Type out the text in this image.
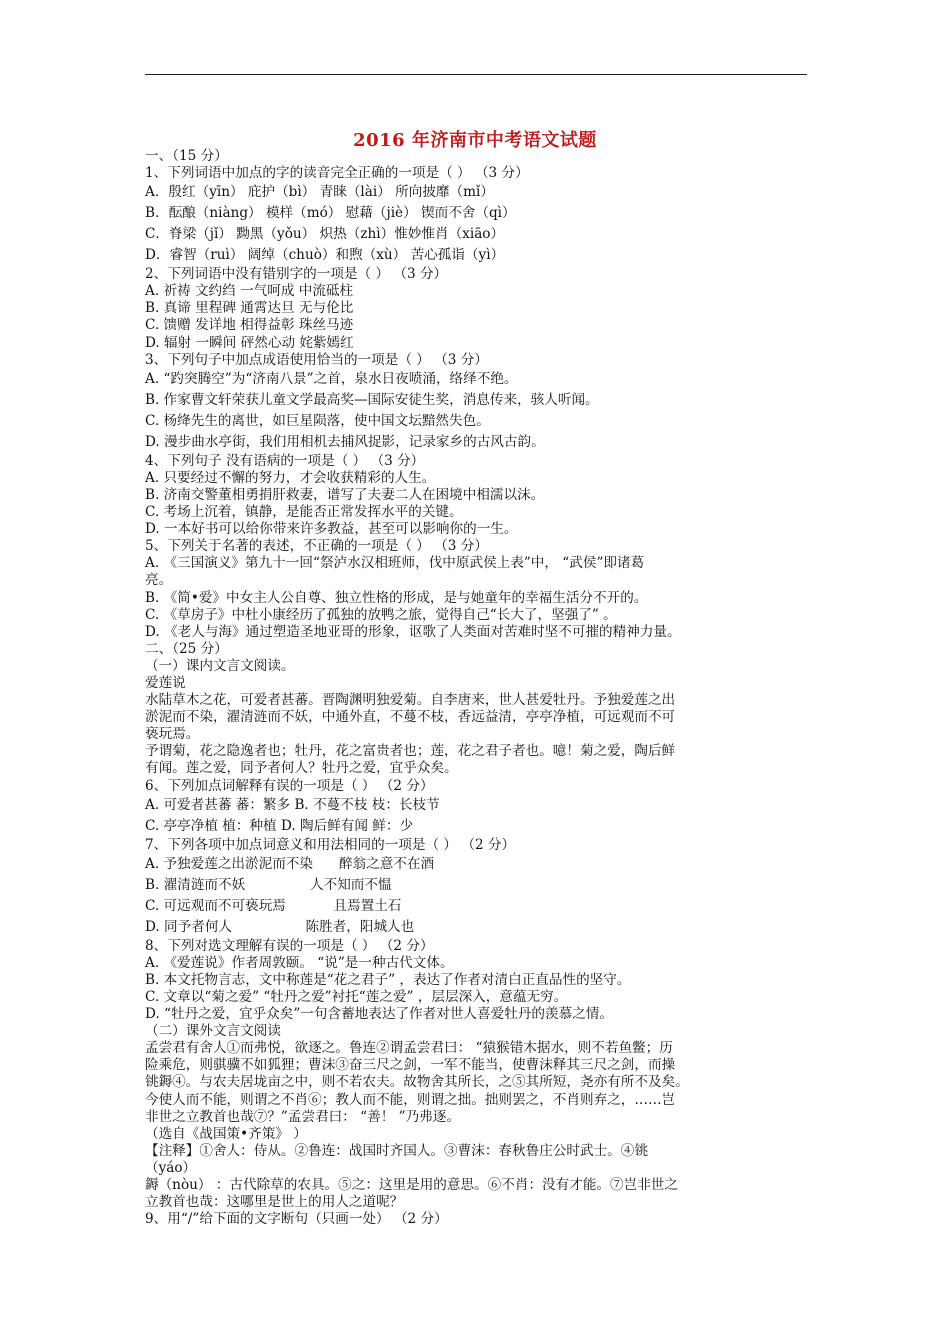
2016 年济南市中考语文试题
一、（15 分）
1、下列词语中加点的字的读音完全正确的一项是（ ） （3 分）
A．殷红（yīn） 庇护（bì） 青睐（lài） 所向披靡（mǐ）
B．酝酿（niàng） 模样（mó） 慰藉（jiè） 锲而不舍（qì）
C．脊梁（jǐ） 黝黑（yǒu） 炽热（zhì）惟妙惟肖（xiāo）
D．睿智（ruì） 阔绰（chuò）和煦（xù） 苦心孤诣（yì）
2、下列词语中没有错别字的一项是（ ） （3 分）
A. 祈祷 文约绉 一气呵成 中流砥柱
B. 真谛 里程碑 通霄达旦 无与伦比
C. 馈赠 发详地 相得益彰 珠丝马迹
D. 辐射 一瞬间 砰然心动 姹紫嫣红
3、下列句子中加点成语使用恰当的一项是（ ） （3 分）
A. “趵突腾空”为“济南八景”之首，泉水日夜喷涌，络绎不绝。
B. 作家曹文轩荣获儿童文学最高奖—国际安徒生奖，消息传来，骇人听闻。
C. 杨绛先生的离世，如巨星陨落，使中国文坛黯然失色。
D. 漫步曲水亭街，我们用相机去捕风捉影，记录家乡的古风古韵。
4、下列句子 没有语病的一项是（ ） （3 分）
A. 只要经过不懈的努力，才会收获精彩的人生。
B. 济南交警董相勇捐肝救妻，谱写了夫妻二人在困境中相濡以沫。
C. 考场上沉着，镇静，是能否正常发挥水平的关键。
D. 一本好书可以给你带来许多教益，甚至可以影响你的一生。
5、下列关于名著的表述，不正确的一项是（ ） （3 分）
A. 《三国演义》第九十一回“祭泸水汉相班师，伐中原武侯上表”中， “武侯”即诸葛
亮。
B. 《简•爱》中女主人公自尊、独立性格的形成，是与她童年的幸福生活分不开的。
C. 《草房子》中杜小康经历了孤独的放鸭之旅，觉得自己“长大了，坚强了” 。
D. 《老人与海》通过塑造圣地亚哥的形象，讴歌了人类面对苦难时坚不可摧的精神力量。
二、（25 分）
（一）课内文言文阅读。
爱莲说
水陆草木之花，可爱者甚蕃。晋陶渊明独爱菊。自李唐来，世人甚爱牡丹。予独爱莲之出
淤泥而不染，濯清涟而不妖，中通外直，不蔓不枝，香远益清，亭亭净植，可远观而不可
亵玩焉。
予谓菊，花之隐逸者也；牡丹，花之富贵者也；莲，花之君子者也。噫！菊之爱，陶后鲜
有闻。莲之爱，同予者何人？牡丹之爱，宜乎众矣。
6、下列加点词解释有误的一项是（ ） （2 分）
A. 可爱者甚蕃 蕃：繁多 B. 不蔓不枝 枝：长枝节
C. 亭亭净植 植：种植 D. 陶后鲜有闻 鲜：少
7、下列各项中加点词意义和用法相同的一项是（ ） （2 分）
A. 予独爱莲之出淤泥而不染      醉翁之意不在酒
B. 濯清涟而不妖               人不知而不愠
C. 可远观而不可亵玩焉           且焉置土石
D. 同予者何人                 陈胜者，阳城人也
8、下列对选文理解有误的一项是（ ） （2 分）
A. 《爱莲说》作者周敦颐。 “说”是一种古代文体。
B. 本文托物言志，文中称莲是“花之君子” ，表达了作者对清白正直品性的坚守。
C. 文章以“菊之爱” “牡丹之爱”衬托“莲之爱” ，层层深入，意蕴无穷。
D. “牡丹之爱，宜乎众矣”一句含蓄地表达了作者对世人喜爱牡丹的羡慕之情。
（二）课外文言文阅读
孟尝君有舍人①而弗悦，欲逐之。鲁连②谓孟尝君曰： “猿猴错木据水，则不若鱼鳖；历
险乘危，则骐骥不如狐狸；曹沫③奋三尺之剑，一军不能当，使曹沫释其三尺之剑，而操
铫鎒④。与农夫居垅亩之中，则不若农夫。故物舍其所长，之⑤其所短，尧亦有所不及矣。
今使人而不能，则谓之不肖⑥；教人而不能，则谓之拙。拙则罢之，不肖则弃之，……岂
非世之立教首也哉⑦？”孟尝君曰： “善！ ”乃弗逐。
（选自《战国策•齐策》 ）
【注释】①舍人：侍从。②鲁连：战国时齐国人。③曹沫：春秋鲁庄公时武士。④铫
（yáo）
鎒（nòu） ：古代除草的农具。⑤之：这里是用的意思。⑥不肖：没有才能。⑦岂非世之
立教首也哉：这哪里是世上的用人之道呢？
9、用“/”给下面的文字断句（只画一处） （2 分）
